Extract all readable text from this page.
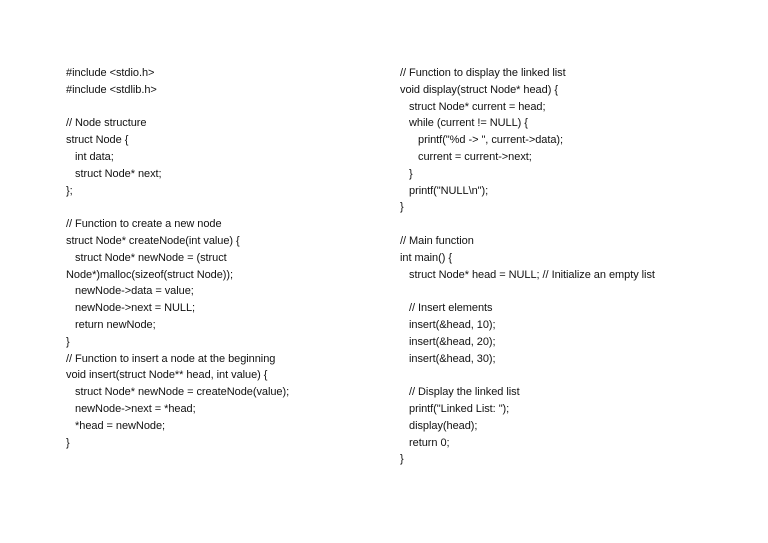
#include <stdio.h>
#include <stdlib.h>
// Node structure
struct Node {
int data;
struct Node* next;
};
// Function to create a new node
struct Node* createNode(int value) {
struct Node* newNode = (struct
Node*)malloc(sizeof(struct Node));
newNode->data = value;
newNode->next = NULL;
return newNode;
}
// Function to insert a node at the beginning
void insert(struct Node** head, int value) {
struct Node* newNode = createNode(value);
newNode->next = *head;
*head = newNode;
}
// Function to display the linked list
void display(struct Node* head) {
struct Node* current = head;
while (current != NULL) {
printf("%d -> ", current->data);
current = current->next;
}
printf("NULL\n");
}
// Main function
int main() {
struct Node* head = NULL; // Initialize an empty list
// Insert elements
insert(&head, 10);
insert(&head, 20);
insert(&head, 30);
// Display the linked list
printf("Linked List: ");
display(head);
return 0;
}
